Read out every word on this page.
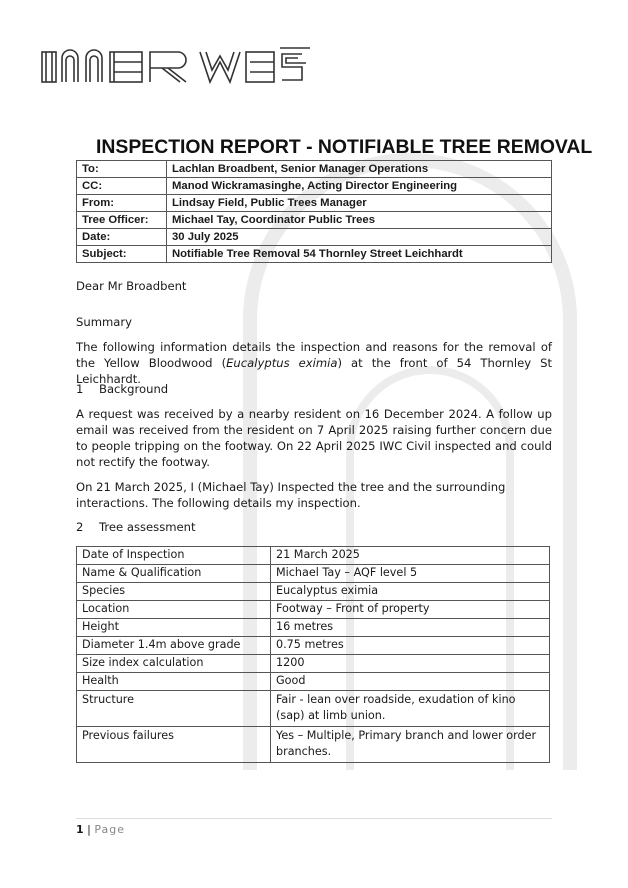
INSPECTION REPORT - NOTIFIABLE TREE REMOVAL
To:	Lachlan Broadbent, Senior Manager Operations
CC:	Manod Wickramasinghe, Acting Director Engineering
From:	Lindsay Field, Public Trees Manager
Tree Officer:	Michael Tay, Coordinator Public Trees
Date:	30 July 2025
Subject:	Notifiable Tree Removal 54 Thornley Street Leichhardt

Dear Mr Broadbent

Summary

The following information details the inspection and reasons for the removal of the Yellow Bloodwood (Eucalyptus eximia) at the front of 54 Thornley St Leichhardt.

1 Background

A request was received by a nearby resident on 16 December 2024. A follow up email was received from the resident on 7 April 2025 raising further concern due to people tripping on the footway. On 22 April 2025 IWC Civil inspected and could not rectify the footway.

On 21 March 2025, I (Michael Tay) Inspected the tree and the surrounding interactions. The following details my inspection.

2 Tree assessment
Date of Inspection	21 March 2025
Name & Qualification	Michael Tay – AQF level 5
Species	Eucalyptus eximia
Location	Footway – Front of property
Height	16 metres
Diameter 1.4m above grade	0.75 metres
Size index calculation	1200
Health	Good
Structure	Fair - lean over roadside, exudation of kino (sap) at limb union.
Previous failures	Yes – Multiple, Primary branch and lower order branches.
1 | Page
